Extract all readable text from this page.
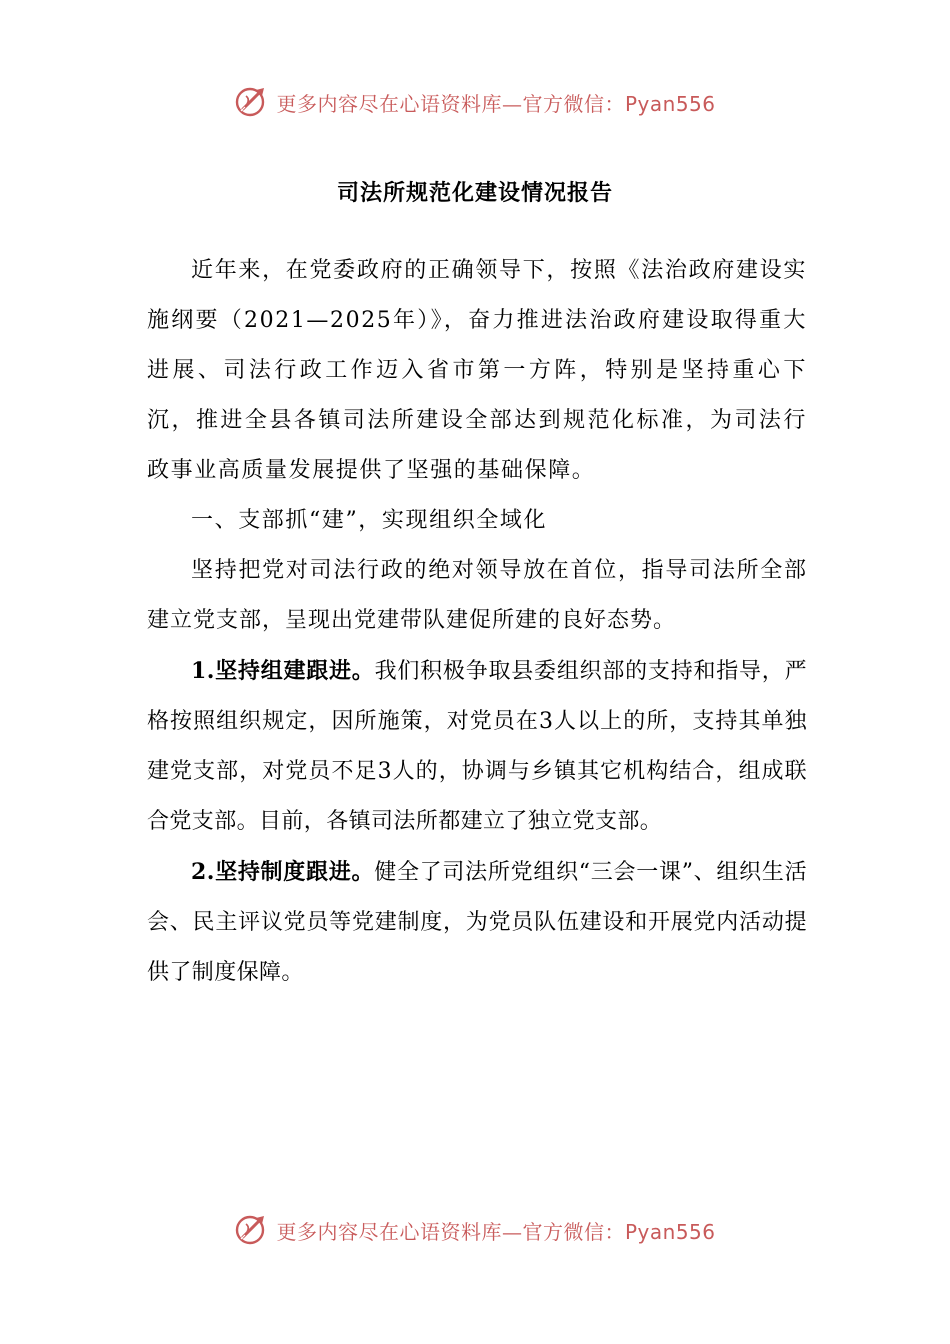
更多内容尽在心语资料库—官方微信：Pyan556
司法所规范化建设情况报告

近年来，在党委政府的正确领导下，按照《法治政府建设实施纲要（2021—2025年）》，奋力推进法治政府建设取得重大进展、司法行政工作迈入省市第一方阵，特别是坚持重心下沉，推进全县各镇司法所建设全部达到规范化标准，为司法行政事业高质量发展提供了坚强的基础保障。

一、支部抓“建”，实现组织全域化

坚持把党对司法行政的绝对领导放在首位，指导司法所全部建立党支部，呈现出党建带队建促所建的良好态势。

1.坚持组建跟进。我们积极争取县委组织部的支持和指导，严格按照组织规定，因所施策，对党员在3人以上的所，支持其单独建党支部，对党员不足3人的，协调与乡镇其它机构结合，组成联合党支部。目前，各镇司法所都建立了独立党支部。

2.坚持制度跟进。健全了司法所党组织“三会一课”、组织生活会、民主评议党员等党建制度，为党员队伍建设和开展党内活动提供了制度保障。

更多内容尽在心语资料库—官方微信：Pyan556
